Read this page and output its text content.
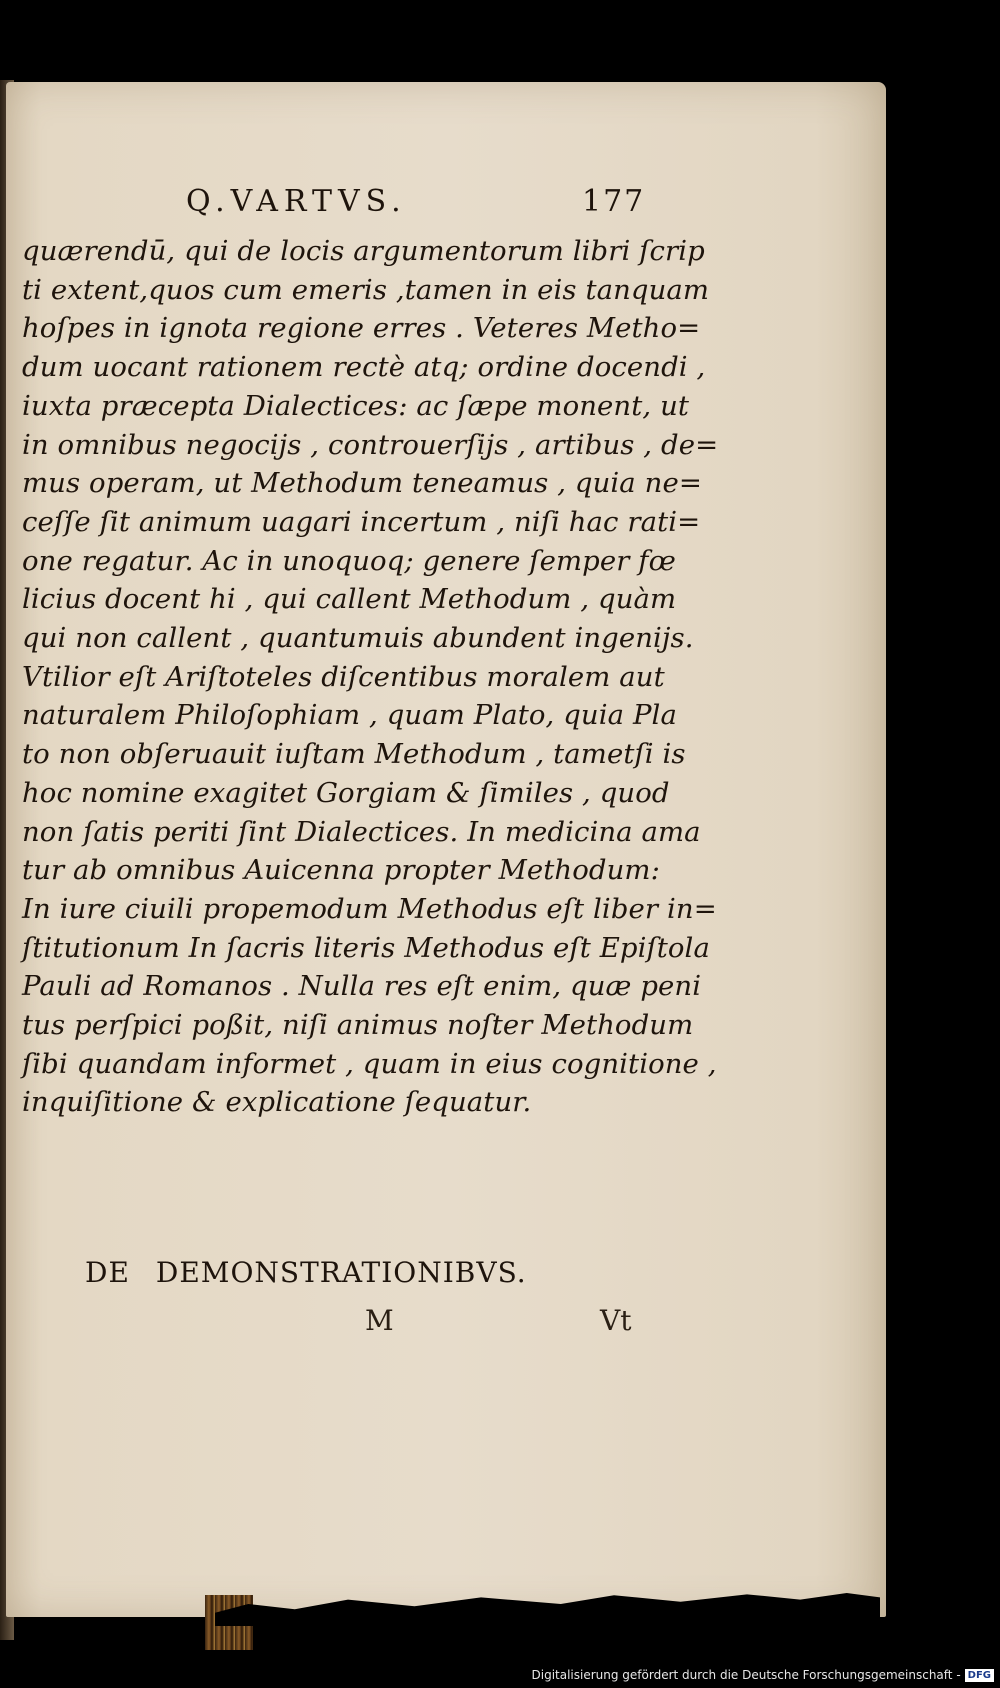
Q.VARTVS.	177
quærendū, qui de locis argumentorum libri ſcrip
ti extent,quos cum emeris ,tamen in eis tanquam
hoſpes in ignota regione erres . Veteres Metho=
dum uocant rationem rectè atq; ordine docendi ,
iuxta præcepta Dialectices: ac ſæpe monent, ut
in omnibus negocijs , controuerſijs , artibus , de=
mus operam, ut Methodum teneamus , quia ne=
ceſſe ſit animum uagari incertum , niſi hac rati=
one regatur. Ac in unoquoq; genere ſemper fœ
licius docent hi , qui callent Methodum , quàm
qui non callent , quantumuis abundent ingenijs.
Vtilior eſt Ariſtoteles diſcentibus moralem aut
naturalem Philoſophiam , quam Plato, quia Pla
to non obſeruauit iuſtam Methodum , tametſi is
hoc nomine exagitet Gorgiam & ſimiles , quod
non ſatis periti ſint Dialectices. In medicina ama
tur ab omnibus Auicenna propter Methodum:
In iure ciuili propemodum Methodus eſt liber in=
ſtitutionum In ſacris literis Methodus eſt Epiſtola
Pauli ad Romanos . Nulla res eſt enim, quæ peni
tus perſpici poßit, niſi animus noſter Methodum
ſibi quandam informet , quam in eius cognitione ,
inquiſitione & explicatione ſequatur.
DE DEMONSTRATIONIBVS.
M	Vt
Digitalisierung gefördert durch die Deutsche Forschungsgemeinschaft - DFG
